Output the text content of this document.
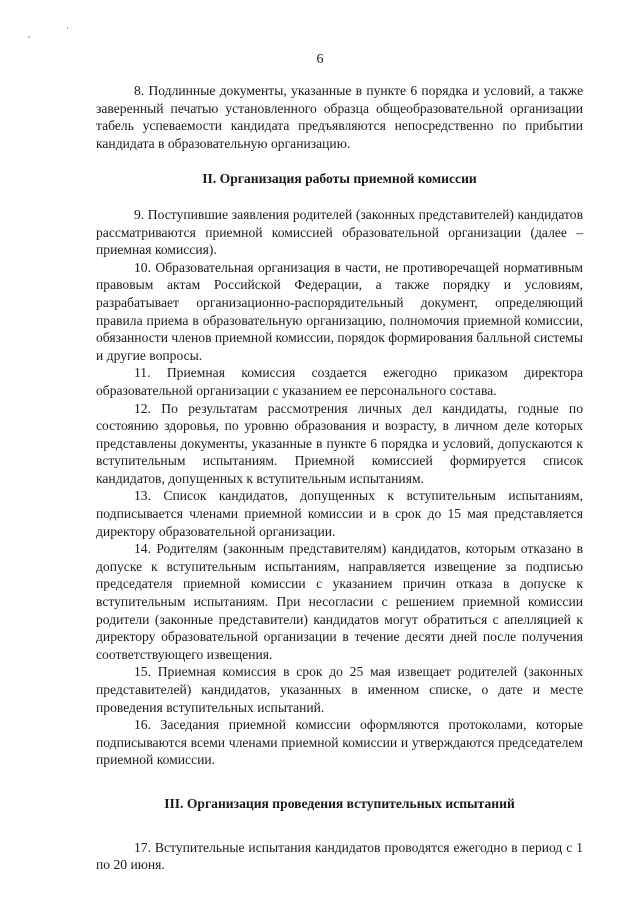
,
·
6

8. Подлинные документы, указанные в пункте 6 порядка и условий, а также заверенный печатью установленного образца общеобразовательной организации табель успеваемости кандидата предъявляются непосредственно по прибытии кандидата в образовательную организацию.

II. Организация работы приемной комиссии

9. Поступившие заявления родителей (законных представителей) кандидатов рассматриваются приемной комиссией образовательной организации (далее – приемная комиссия).

10. Образовательная организация в части, не противоречащей нормативным правовым актам Российской Федерации, а также порядку и условиям, разрабатывает организационно-распорядительный документ, определяющий правила приема в образовательную организацию, полномочия приемной комиссии, обязанности членов приемной комиссии, порядок формирования балльной системы и другие вопросы.

11. Приемная комиссия создается ежегодно приказом директора образовательной организации с указанием ее персонального состава.

12. По результатам рассмотрения личных дел кандидаты, годные по состоянию здоровья, по уровню образования и возрасту, в личном деле которых представлены документы, указанные в пункте 6 порядка и условий, допускаются к вступительным испытаниям. Приемной комиссией формируется список кандидатов, допущенных к вступительным испытаниям.

13. Список кандидатов, допущенных к вступительным испытаниям, подписывается членами приемной комиссии и в срок до 15 мая представляется директору образовательной организации.

14. Родителям (законным представителям) кандидатов, которым отказано в допуске к вступительным испытаниям, направляется извещение за подписью председателя приемной комиссии с указанием причин отказа в допуске к вступительным испытаниям. При несогласии с решением приемной комиссии родители (законные представители) кандидатов могут обратиться с апелляцией к директору образовательной организации в течение десяти дней после получения соответствующего извещения.

15. Приемная комиссия в срок до 25 мая извещает родителей (законных представителей) кандидатов, указанных в именном списке, о дате и месте проведения вступительных испытаний.

16. Заседания приемной комиссии оформляются протоколами, которые подписываются всеми членами приемной комиссии и утверждаются председателем приемной комиссии.

III. Организация проведения вступительных испытаний

17. Вступительные испытания кандидатов проводятся ежегодно в период с 1 по 20 июня.
